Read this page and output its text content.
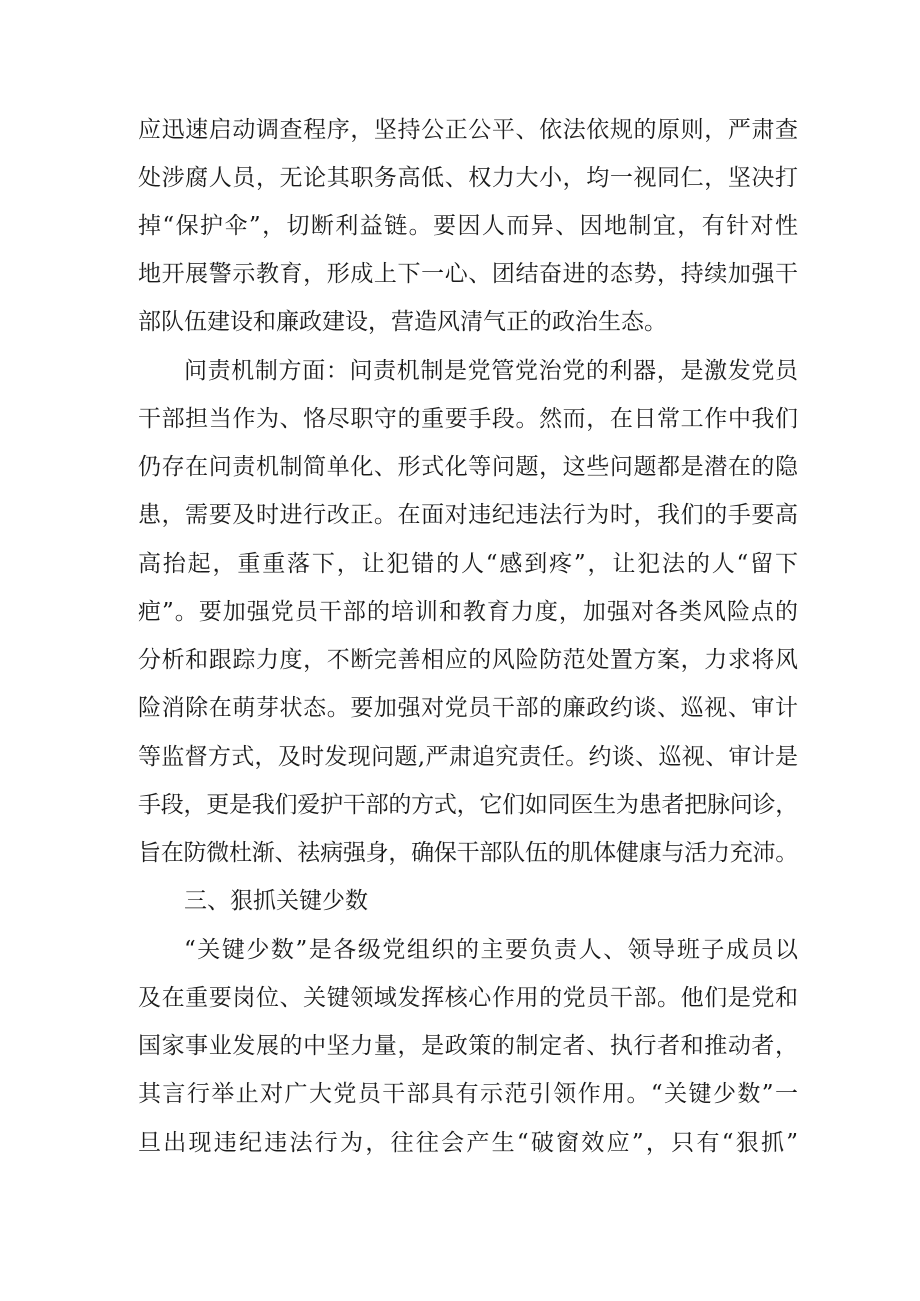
应迅速启动调查程序，坚持公正公平、依法依规的原则，严肃查
处涉腐人员，无论其职务高低、权力大小，均一视同仁，坚决打
掉“保护伞”，切断利益链。要因人而异、因地制宜，有针对性
地开展警示教育，形成上下一心、团结奋进的态势，持续加强干
部队伍建设和廉政建设，营造风清气正的政治生态。
问责机制方面：问责机制是党管党治党的利器，是激发党员
干部担当作为、恪尽职守的重要手段。然而，在日常工作中我们
仍存在问责机制简单化、形式化等问题，这些问题都是潜在的隐
患，需要及时进行改正。在面对违纪违法行为时，我们的手要高
高抬起，重重落下，让犯错的人“感到疼”，让犯法的人“留下
疤”。要加强党员干部的培训和教育力度，加强对各类风险点的
分析和跟踪力度，不断完善相应的风险防范处置方案，力求将风
险消除在萌芽状态。要加强对党员干部的廉政约谈、巡视、审计
等监督方式，及时发现问题,严肃追究责任。约谈、巡视、审计是
手段，更是我们爱护干部的方式，它们如同医生为患者把脉问诊，
旨在防微杜渐、祛病强身，确保干部队伍的肌体健康与活力充沛。
三、狠抓关键少数
“关键少数”是各级党组织的主要负责人、领导班子成员以
及在重要岗位、关键领域发挥核心作用的党员干部。他们是党和
国家事业发展的中坚力量，是政策的制定者、执行者和推动者，
其言行举止对广大党员干部具有示范引领作用。“关键少数”一
旦出现违纪违法行为，往往会产生“破窗效应”，只有“狠抓”
